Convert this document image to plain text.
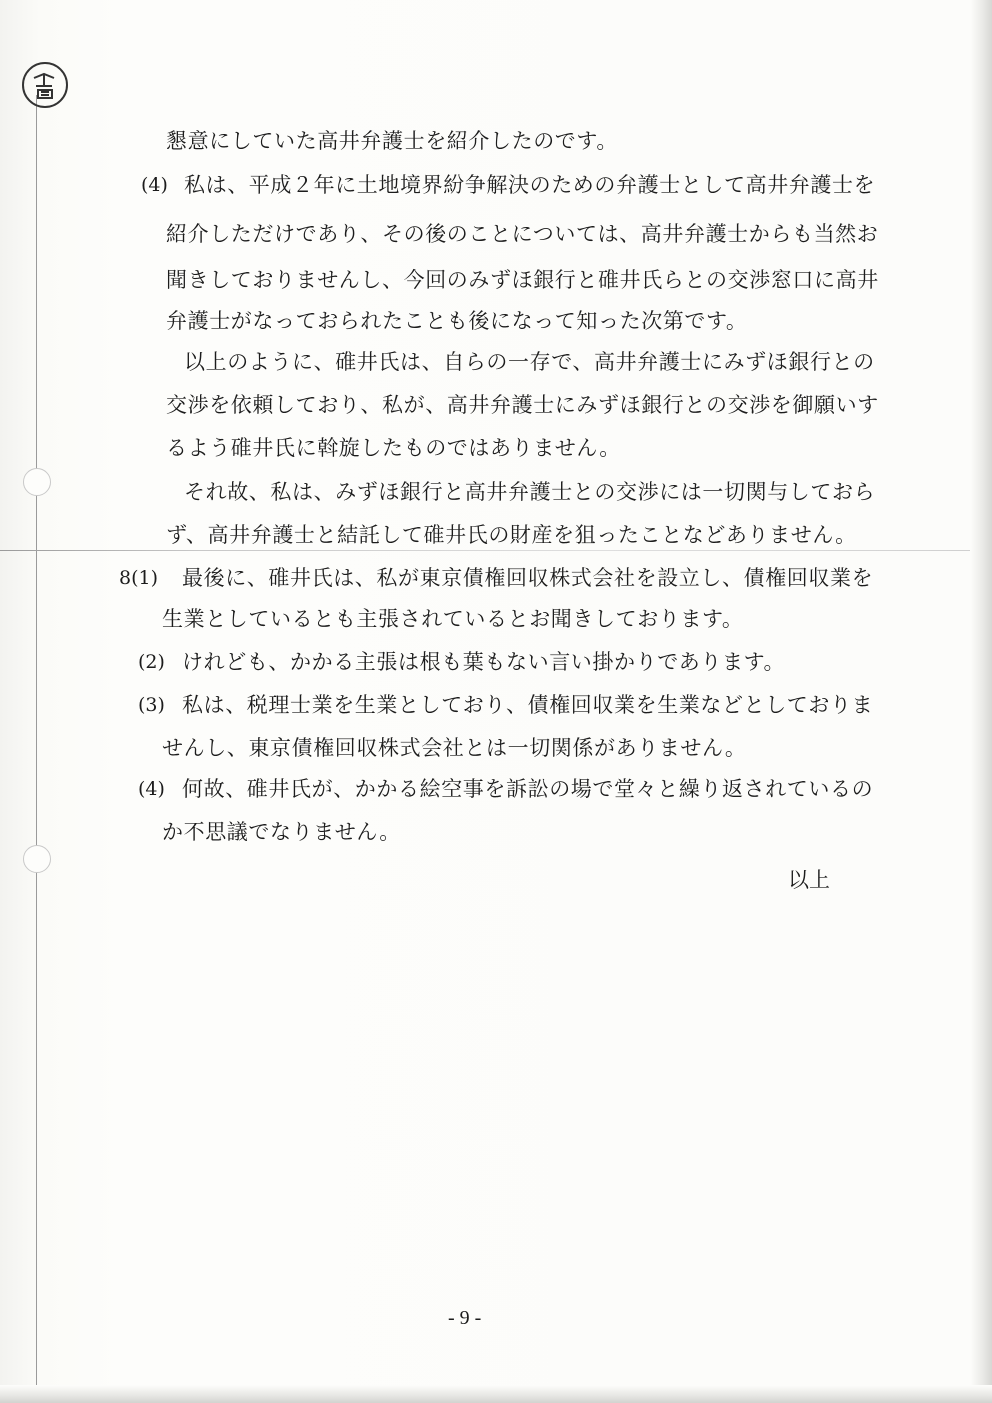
懇意にしていた高井弁護士を紹介したのです。
(4) 私は、平成２年に土地境界紛争解決のための弁護士として高井弁護士を
紹介しただけであり、その後のことについては、高井弁護士からも当然お
聞きしておりませんし、今回のみずほ銀行と碓井氏らとの交渉窓口に高井
弁護士がなっておられたことも後になって知った次第です。
以上のように、碓井氏は、自らの一存で、高井弁護士にみずほ銀行との
交渉を依頼しており、私が、高井弁護士にみずほ銀行との交渉を御願いす
るよう碓井氏に斡旋したものではありません。
それ故、私は、みずほ銀行と高井弁護士との交渉には一切関与しておら
ず、高井弁護士と結託して碓井氏の財産を狙ったことなどありません。
8(1) 最後に、碓井氏は、私が東京債権回収株式会社を設立し、債権回収業を
生業としているとも主張されているとお聞きしております。
(2) けれども、かかる主張は根も葉もない言い掛かりであります。
(3) 私は、税理士業を生業としており、債権回収業を生業などとしておりま
せんし、東京債権回収株式会社とは一切関係がありません。
(4) 何故、碓井氏が、かかる絵空事を訴訟の場で堂々と繰り返されているの
か不思議でなりません。
以上
- 9 -
